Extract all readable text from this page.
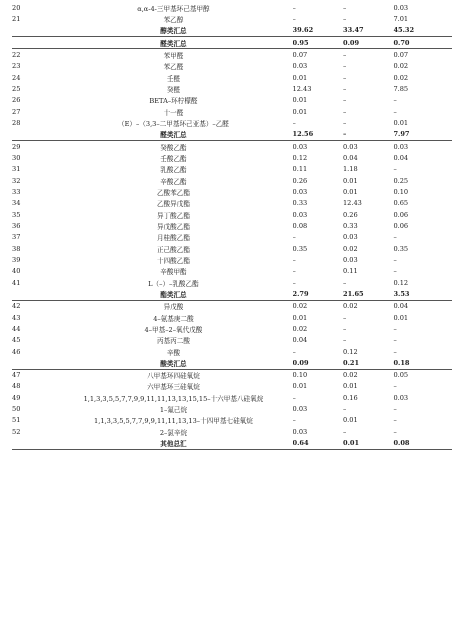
20	α,α-4-三甲基环己基甲醇	–	–	0.03
21	苯乙醇	–	–	7.01
	醇类汇总	39.62	33.47	45.32
	醛类汇总	0.95	0.09	0.70
22	苯甲醛	0.07	–	0.07
23	苯乙醛	0.03	–	0.02
24	壬醛	0.01	–	0.02
25	癸醛	12.43	–	7.85
26	BETA–环柠檬醛	0.01	–	–
27	十一醛	0.01	–	–
28	（E）–（3,3–二甲基环己亚基）–乙醛	–	–	0.01
	醛类汇总	12.56	–	7.97
29	癸酸乙酯	0.03	0.03	0.03
30	壬酸乙酯	0.12	0.04	0.04
31	乳酸乙酯	0.11	1.18	–
32	辛酸乙酯	0.26	0.01	0.25
33	乙酸苯乙酯	0.03	0.01	0.10
34	乙酸异戊酯	0.33	12.43	0.65
35	异丁酸乙酯	0.03	0.26	0.06
36	异戊酸乙酯	0.08	0.33	0.06
37	月桂酸乙酯	–	0.03	–
38	正己酸乙酯	0.35	0.02	0.35
39	十四酸乙酯	–	0.03	–
40	辛酸甲酯	–	0.11	–
41	L（–）–乳酸乙酯	–	–	0.12
	酯类汇总	2.79	21.65	3.53
42	异戊酸	0.02	0.02	0.04
43	4–氨基庚二酸	0.01	–	0.01
44	4–甲基–2–氧代戊酸	0.02	–	–
45	丙基丙二酸	0.04	–	–
46	辛酸	–	0.12	–
	酸类汇总	0.09	0.21	0.18
47	八甲基环四硅氧烷	0.10	0.02	0.05
48	六甲基环三硅氧烷	0.01	0.01	–
49	1,1,3,3,5,5,7,7,9,9,11,11,13,13,15,15–十六甲基八硅氧烷	–	0.16	0.03
50	1–氟己烷	0.03	–	–
51	1,1,3,3,5,5,7,7,9,9,11,11,13,13–十四甲基七硅氧烷	–	0.01	–
52	2–氯辛烷	0.03	–	–
	其他总汇	0.64	0.01	0.08
